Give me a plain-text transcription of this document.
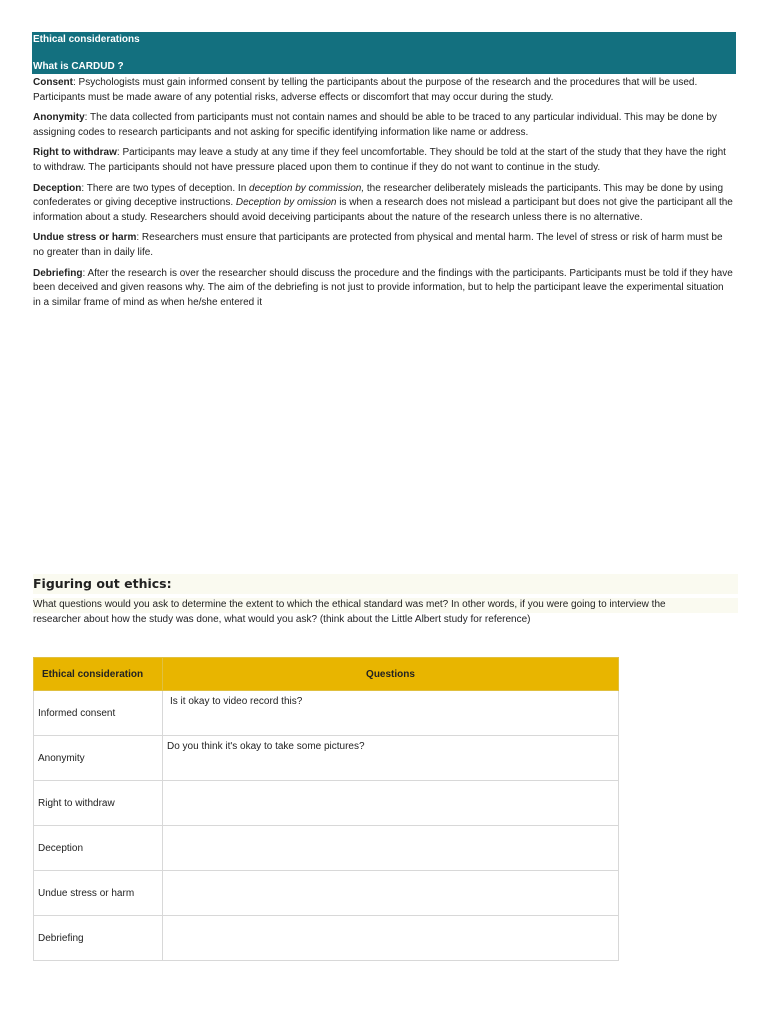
Ethical considerations
What is CARDUD ?

Consent: Psychologists must gain informed consent by telling the participants about the purpose of the research and the procedures that will be used. Participants must be made aware of any potential risks, adverse effects or discomfort that may occur during the study.

Anonymity: The data collected from participants must not contain names and should be able to be traced to any particular individual. This may be done by assigning codes to research participants and not asking for specific identifying information like name or address.

Right to withdraw: Participants may leave a study at any time if they feel uncomfortable. They should be told at the start of the study that they have the right to withdraw. The participants should not have pressure placed upon them to continue if they do not want to continue in the study.

Deception: There are two types of deception. In deception by commission, the researcher deliberately misleads the participants. This may be done by using confederates or giving deceptive instructions. Deception by omission is when a research does not mislead a participant but does not give the participant all the information about a study. Researchers should avoid deceiving participants about the nature of the research unless there is no alternative.

Undue stress or harm: Researchers must ensure that participants are protected from physical and mental harm. The level of stress or risk of harm must be no greater than in daily life.

Debriefing: After the research is over the researcher should discuss the procedure and the findings with the participants. Participants must be told if they have been deceived and given reasons why. The aim of the debriefing is not just to provide information, but to help the participant leave the experimental situation in a similar frame of mind as when he/she entered it

Figuring out ethics:
What questions would you ask to determine the extent to which the ethical standard was met? In other words, if you were going to interview the
researcher about how the study was done, what would you ask? (think about the Little Albert study for reference)
Ethical consideration	Questions
Informed consent	Is it okay to video record this?
Anonymity	Do you think it's okay to take some pictures?
Right to withdraw	
Deception	
Undue stress or harm	
Debriefing	
